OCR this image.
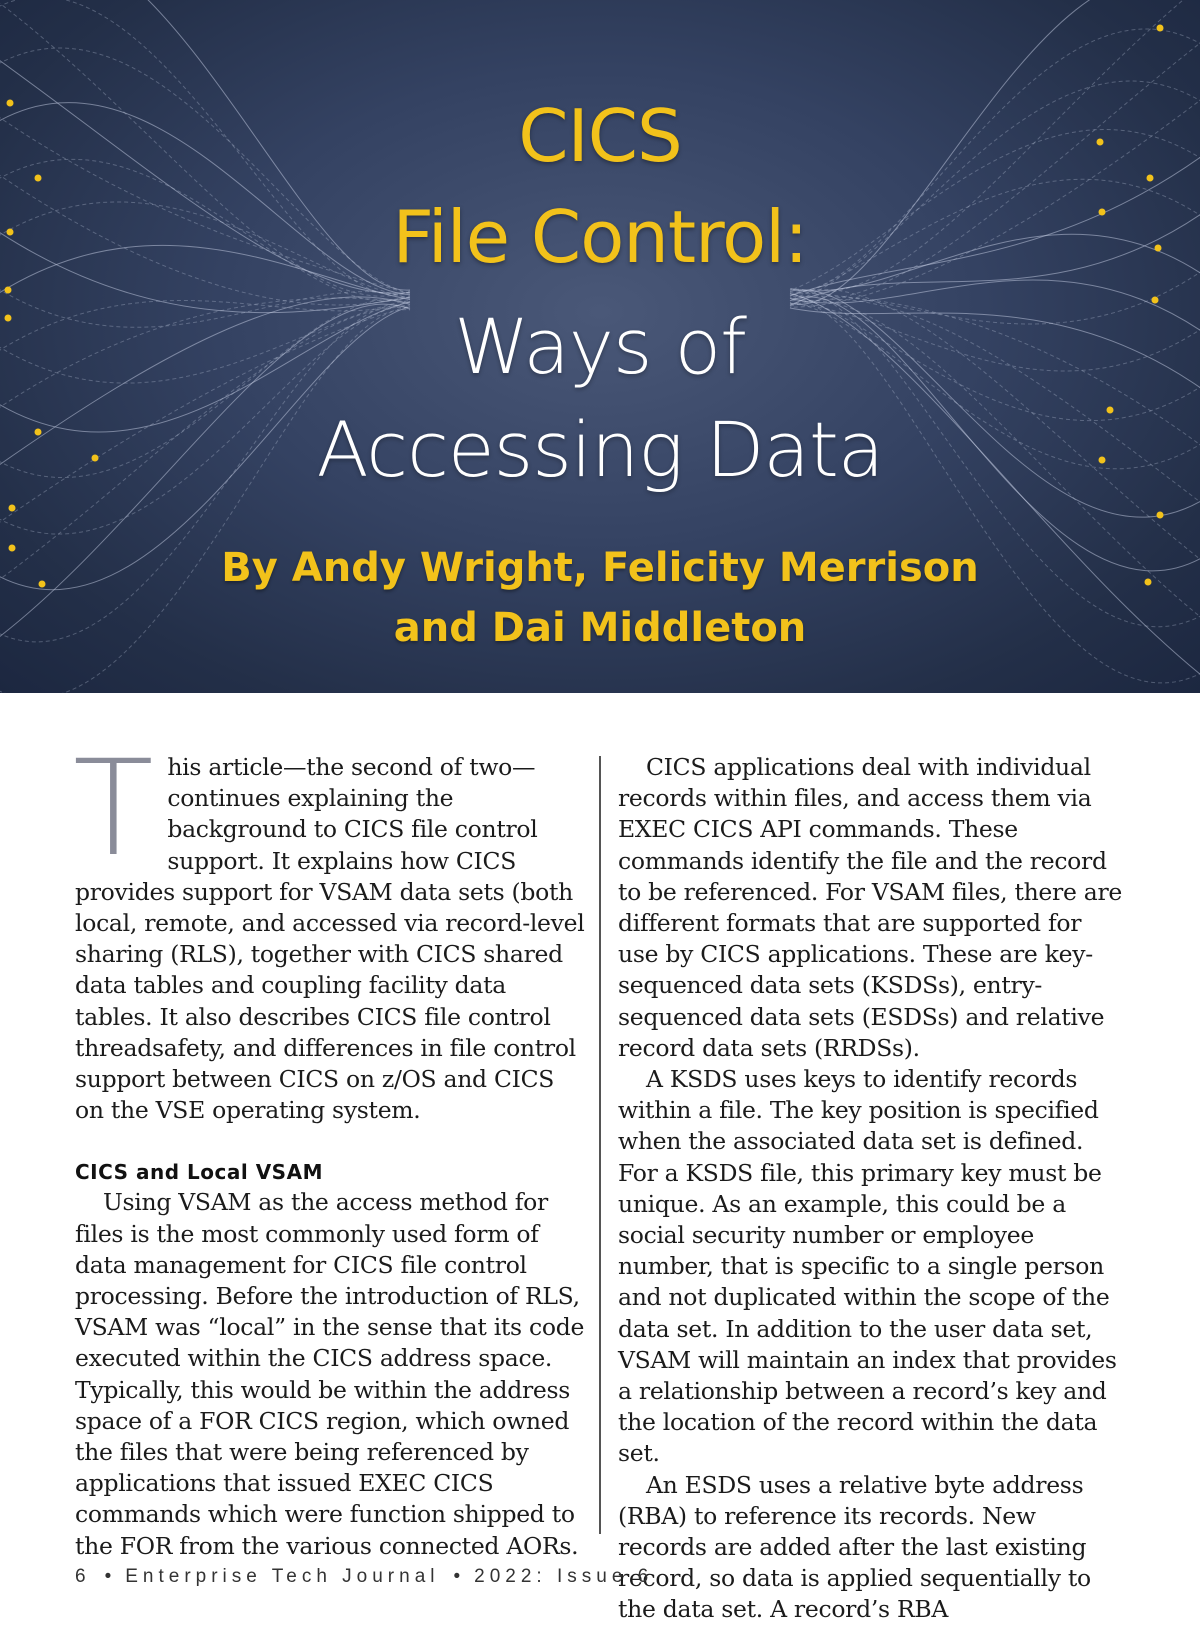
CICS
File Control:
Ways of
Accessing Data
By Andy Wright, Felicity Merrison
and Dai Middleton

This article—the second of two—continues explaining the background to CICS file control support. It explains how CICS provides support for VSAM data sets (both local, remote, and accessed via record-level sharing (RLS), together with CICS shared data tables and coupling facility data tables. It also describes CICS file control threadsafety, and differences in file control support between CICS on z/OS and CICS on the VSE operating system.

CICS and Local VSAM

Using VSAM as the access method for files is the most commonly used form of data management for CICS file control processing. Before the introduction of RLS, VSAM was “local” in the sense that its code executed within the CICS address space. Typically, this would be within the address space of a FOR CICS region, which owned the files that were being referenced by applications that issued EXEC CICS commands which were function shipped to the FOR from the various connected AORs.

CICS applications deal with individual records within files, and access them via EXEC CICS API commands. These commands identify the file and the record to be referenced. For VSAM files, there are different formats that are supported for use by CICS applications. These are key-sequenced data sets (KSDSs), entry-sequenced data sets (ESDSs) and relative record data sets (RRDSs).

A KSDS uses keys to identify records within a file. The key position is specified when the associated data set is defined. For a KSDS file, this primary key must be unique. As an example, this could be a social security number or employee number, that is specific to a single person and not duplicated within the scope of the data set. In addition to the user data set, VSAM will maintain an index that provides a relationship between a record’s key and the location of the record within the data set.

An ESDS uses a relative byte address (RBA) to reference its records. New records are added after the last existing record, so data is applied sequentially to the data set. A record’s RBA

6 • Enterprise Tech Journal • 2022: Issue 6
